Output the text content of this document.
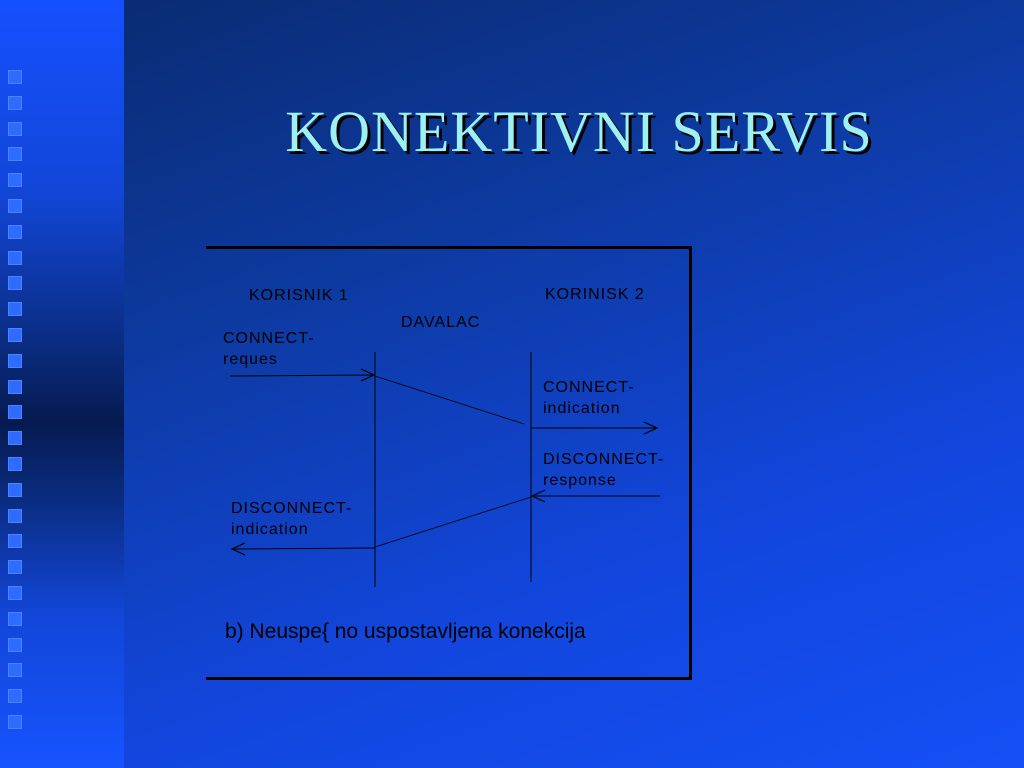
KONEKTIVNI SERVIS
KORISNIK 1	KORINISK 2
DAVALAC
CONNECT-
reques
CONNECT-
indication
DISCONNECT-
response
DISCONNECT-
indication
b) Neuspe{ no uspostavljena konekcija
